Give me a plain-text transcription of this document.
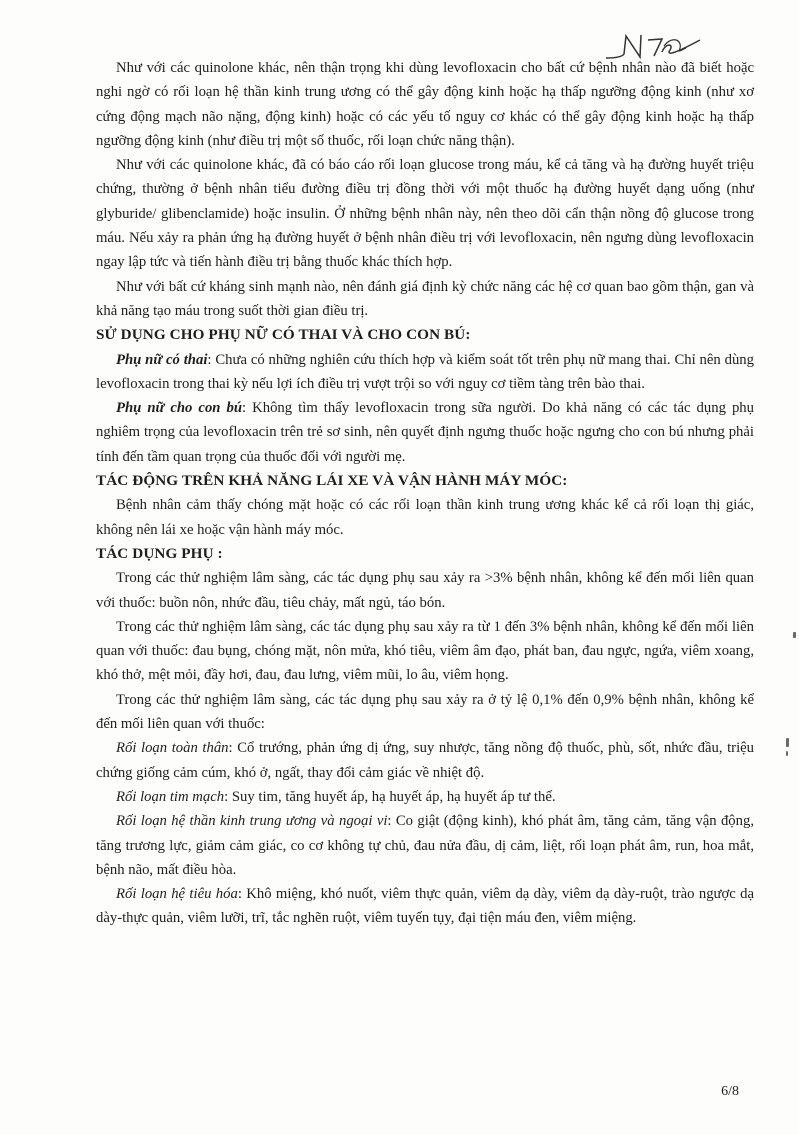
Như với các quinolone khác, nên thận trọng khi dùng levofloxacin cho bất cứ bệnh nhân nào đã biết hoặc nghi ngờ có rối loạn hệ thần kinh trung ương có thể gây động kinh hoặc hạ thấp ngưỡng động kinh (như xơ cứng động mạch não nặng, động kinh) hoặc có các yếu tố nguy cơ khác có thể gây động kinh hoặc hạ thấp ngưỡng động kinh (như điều trị một số thuốc, rối loạn chức năng thận).

Như với các quinolone khác, đã có báo cáo rối loạn glucose trong máu, kể cả tăng và hạ đường huyết triệu chứng, thường ở bệnh nhân tiểu đường điều trị đồng thời với một thuốc hạ đường huyết dạng uống (như glyburide/ glibenclamide) hoặc insulin. Ở những bệnh nhân này, nên theo dõi cẩn thận nồng độ glucose trong máu. Nếu xảy ra phản ứng hạ đường huyết ở bệnh nhân điều trị với levofloxacin, nên ngưng dùng levofloxacin ngay lập tức và tiến hành điều trị bằng thuốc khác thích hợp.

Như với bất cứ kháng sinh mạnh nào, nên đánh giá định kỳ chức năng các hệ cơ quan bao gồm thận, gan và khả năng tạo máu trong suốt thời gian điều trị.

SỬ DỤNG CHO PHỤ NỮ CÓ THAI VÀ CHO CON BÚ:

Phụ nữ có thai: Chưa có những nghiên cứu thích hợp và kiểm soát tốt trên phụ nữ mang thai. Chỉ nên dùng levofloxacin trong thai kỳ nếu lợi ích điều trị vượt trội so với nguy cơ tiềm tàng trên bào thai.

Phụ nữ cho con bú: Không tìm thấy levofloxacin trong sữa người. Do khả năng có các tác dụng phụ nghiêm trọng của levofloxacin trên trẻ sơ sinh, nên quyết định ngưng thuốc hoặc ngưng cho con bú nhưng phải tính đến tầm quan trọng của thuốc đối với người mẹ.

TÁC ĐỘNG TRÊN KHẢ NĂNG LÁI XE VÀ VẬN HÀNH MÁY MÓC:

Bệnh nhân cảm thấy chóng mặt hoặc có các rối loạn thần kinh trung ương khác kể cả rối loạn thị giác, không nên lái xe hoặc vận hành máy móc.

TÁC DỤNG PHỤ :

Trong các thử nghiệm lâm sàng, các tác dụng phụ sau xảy ra >3% bệnh nhân, không kể đến mối liên quan với thuốc: buồn nôn, nhức đầu, tiêu chảy, mất ngủ, táo bón.

Trong các thử nghiệm lâm sàng, các tác dụng phụ sau xảy ra từ 1 đến 3% bệnh nhân, không kể đến mối liên quan với thuốc: đau bụng, chóng mặt, nôn mửa, khó tiêu, viêm âm đạo, phát ban, đau ngực, ngứa, viêm xoang, khó thở, mệt mỏi, đầy hơi, đau, đau lưng, viêm mũi, lo âu, viêm họng.

Trong các thử nghiệm lâm sàng, các tác dụng phụ sau xảy ra ở tỷ lệ 0,1% đến 0,9% bệnh nhân, không kể đến mối liên quan với thuốc:

Rối loạn toàn thân: Cổ trướng, phản ứng dị ứng, suy nhược, tăng nồng độ thuốc, phù, sốt, nhức đầu, triệu chứng giống cảm cúm, khó ở, ngất, thay đổi cảm giác về nhiệt độ.

Rối loạn tim mạch: Suy tim, tăng huyết áp, hạ huyết áp, hạ huyết áp tư thế.

Rối loạn hệ thần kinh trung ương và ngoại vi: Co giật (động kinh), khó phát âm, tăng cảm, tăng vận động, tăng trương lực, giảm cảm giác, co cơ không tự chủ, đau nửa đầu, dị cảm, liệt, rối loạn phát âm, run, hoa mắt, bệnh não, mất điều hòa.

Rối loạn hệ tiêu hóa: Khô miệng, khó nuốt, viêm thực quản, viêm dạ dày, viêm dạ dày-ruột, trào ngược dạ dày-thực quản, viêm lưỡi, trĩ, tắc nghẽn ruột, viêm tuyến tụy, đại tiện máu đen, viêm miệng.

6/8
